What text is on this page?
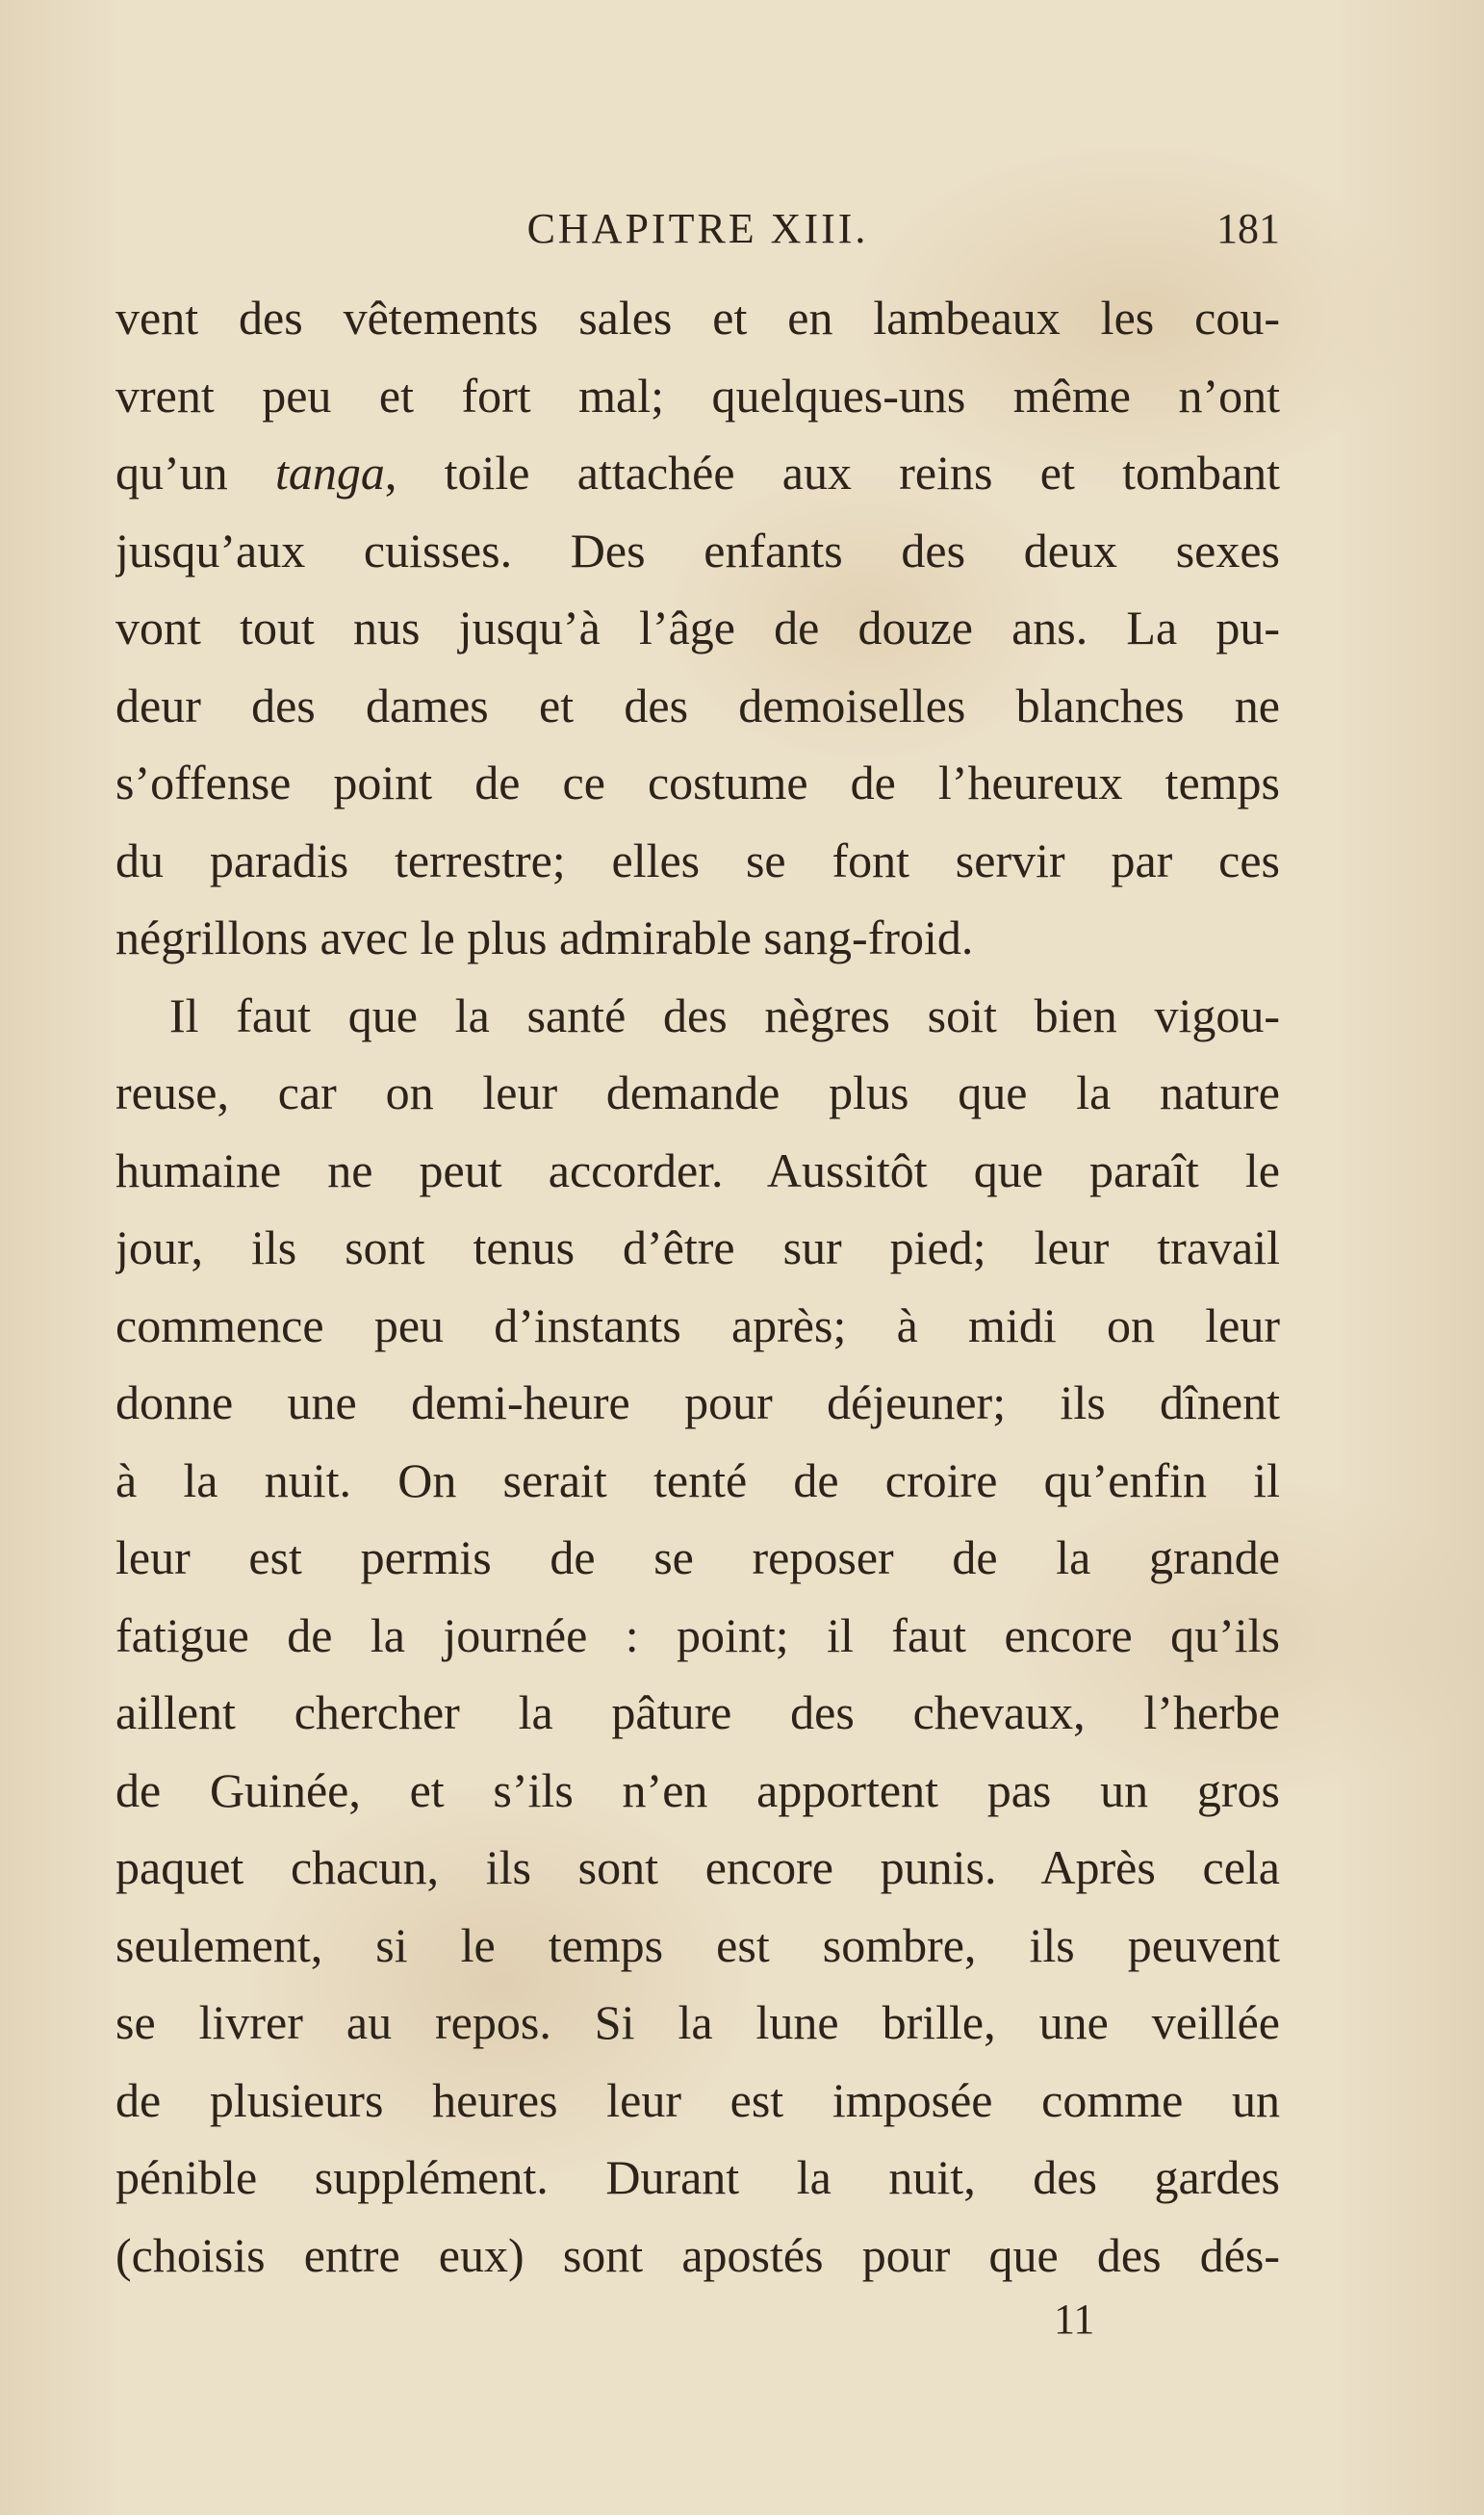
CHAPITRE XIII.	181
vent des vêtements sales et en lambeaux les cou-
vrent peu et fort mal; quelques-uns même n’ont
qu’un tanga, toile attachée aux reins et tombant
jusqu’aux cuisses. Des enfants des deux sexes
vont tout nus jusqu’à l’âge de douze ans. La pu-
deur des dames et des demoiselles blanches ne
s’offense point de ce costume de l’heureux temps
du paradis terrestre; elles se font servir par ces
négrillons avec le plus admirable sang-froid.
Il faut que la santé des nègres soit bien vigou-
reuse, car on leur demande plus que la nature
humaine ne peut accorder. Aussitôt que paraît le
jour, ils sont tenus d’être sur pied; leur travail
commence peu d’instants après; à midi on leur
donne une demi-heure pour déjeuner; ils dînent
à la nuit. On serait tenté de croire qu’enfin il
leur est permis de se reposer de la grande
fatigue de la journée : point; il faut encore qu’ils
aillent chercher la pâture des chevaux, l’herbe
de Guinée, et s’ils n’en apportent pas un gros
paquet chacun, ils sont encore punis. Après cela
seulement, si le temps est sombre, ils peuvent
se livrer au repos. Si la lune brille, une veillée
de plusieurs heures leur est imposée comme un
pénible supplément. Durant la nuit, des gardes
(choisis entre eux) sont apostés pour que des dés-
11
